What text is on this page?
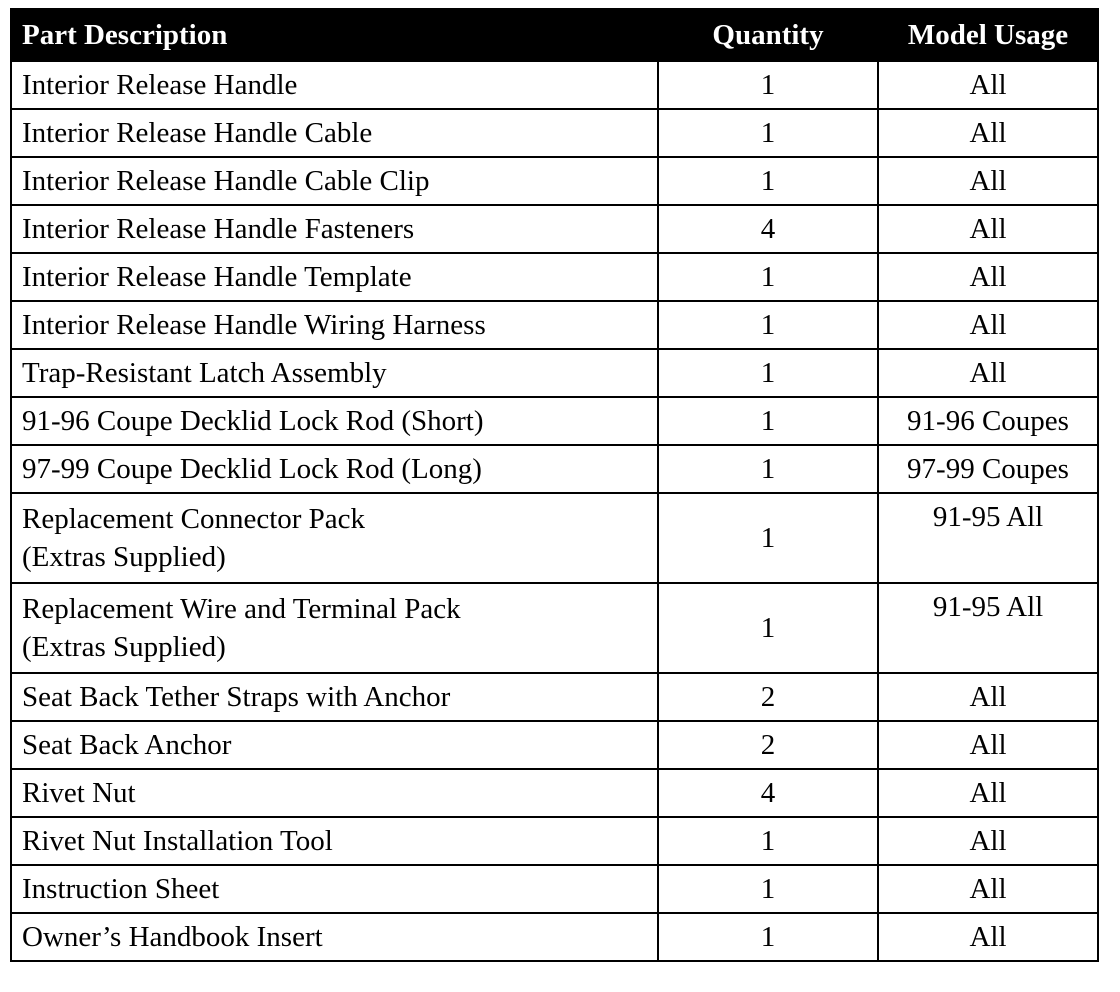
Part Description	Quantity	Model Usage
Interior Release Handle	1	All
Interior Release Handle Cable	1	All
Interior Release Handle Cable Clip	1	All
Interior Release Handle Fasteners	4	All
Interior Release Handle Template	1	All
Interior Release Handle Wiring Harness	1	All
Trap-Resistant Latch Assembly	1	All
91-96 Coupe Decklid Lock Rod (Short)	1	91-96 Coupes
97-99 Coupe Decklid Lock Rod (Long)	1	97-99 Coupes
Replacement Connector Pack
(Extras Supplied)	1	91-95 All
Replacement Wire and Terminal Pack
(Extras Supplied)	1	91-95 All
Seat Back Tether Straps with Anchor	2	All
Seat Back Anchor	2	All
Rivet Nut	4	All
Rivet Nut Installation Tool	1	All
Instruction Sheet	1	All
Owner’s Handbook Insert	1	All
